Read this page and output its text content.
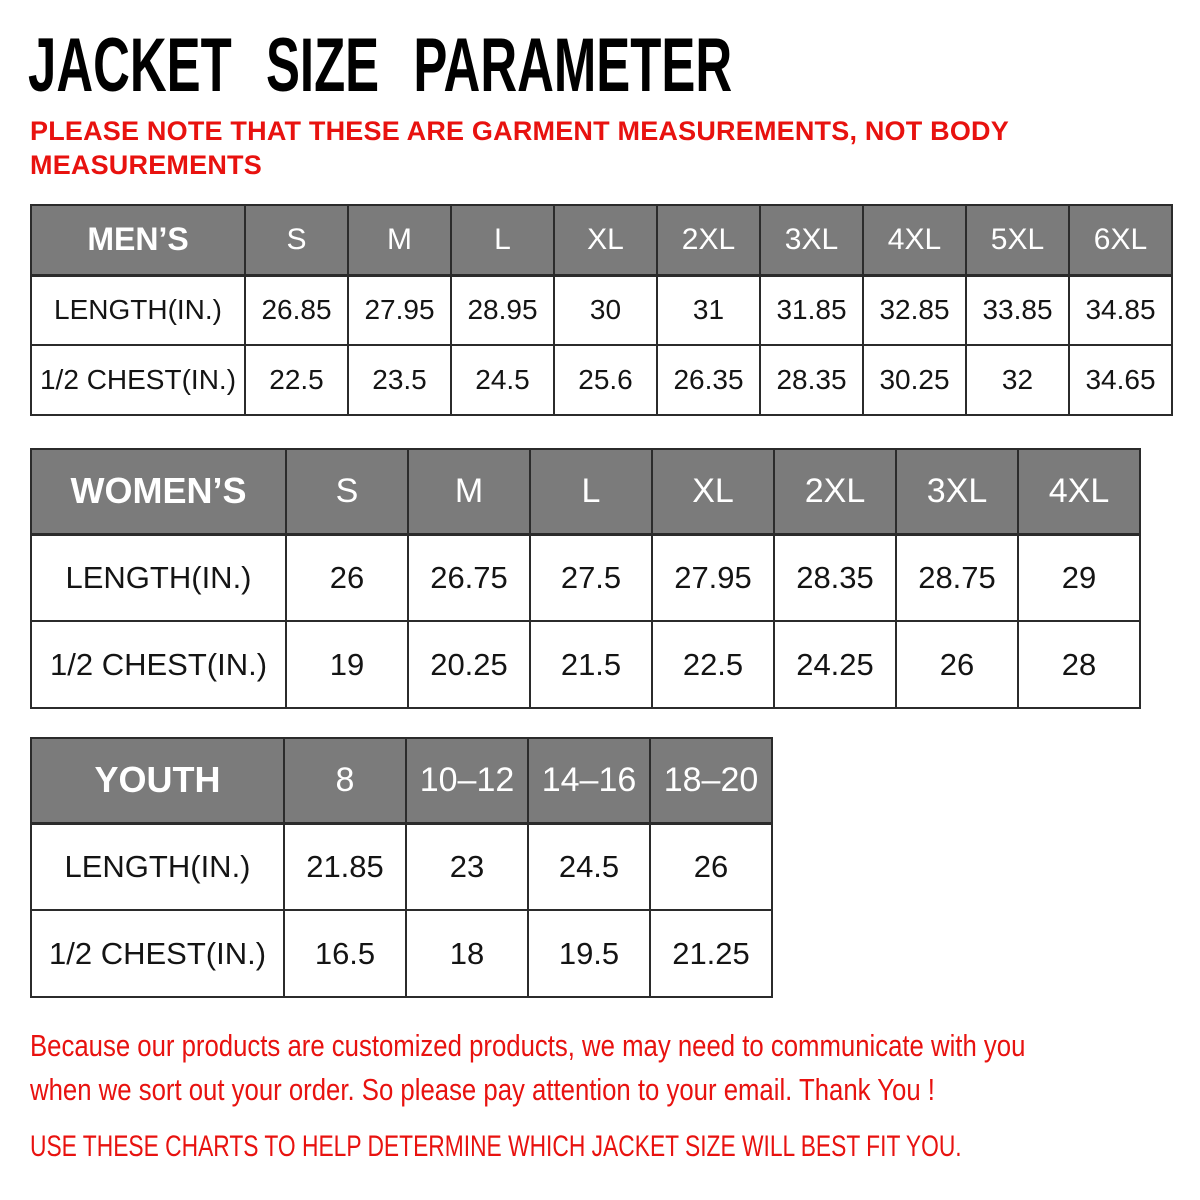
JACKET SIZE PARAMETER
PLEASE NOTE THAT THESE ARE GARMENT MEASUREMENTS, NOT BODY
MEASUREMENTS
MEN’S	S	M	L	XL	2XL	3XL	4XL	5XL	6XL
LENGTH(IN.)	26.85	27.95	28.95	30	31	31.85	32.85	33.85	34.85
1/2 CHEST(IN.)	22.5	23.5	24.5	25.6	26.35	28.35	30.25	32	34.65
WOMEN’S	S	M	L	XL	2XL	3XL	4XL
LENGTH(IN.)	26	26.75	27.5	27.95	28.35	28.75	29
1/2 CHEST(IN.)	19	20.25	21.5	22.5	24.25	26	28
YOUTH	8	10–12	14–16	18–20
LENGTH(IN.)	21.85	23	24.5	26
1/2 CHEST(IN.)	16.5	18	19.5	21.25
Because our products are customized products, we may need to communicate with you
when we sort out your order. So please pay attention to your email. Thank You !
USE THESE CHARTS TO HELP DETERMINE WHICH JACKET SIZE WILL BEST FIT YOU.
